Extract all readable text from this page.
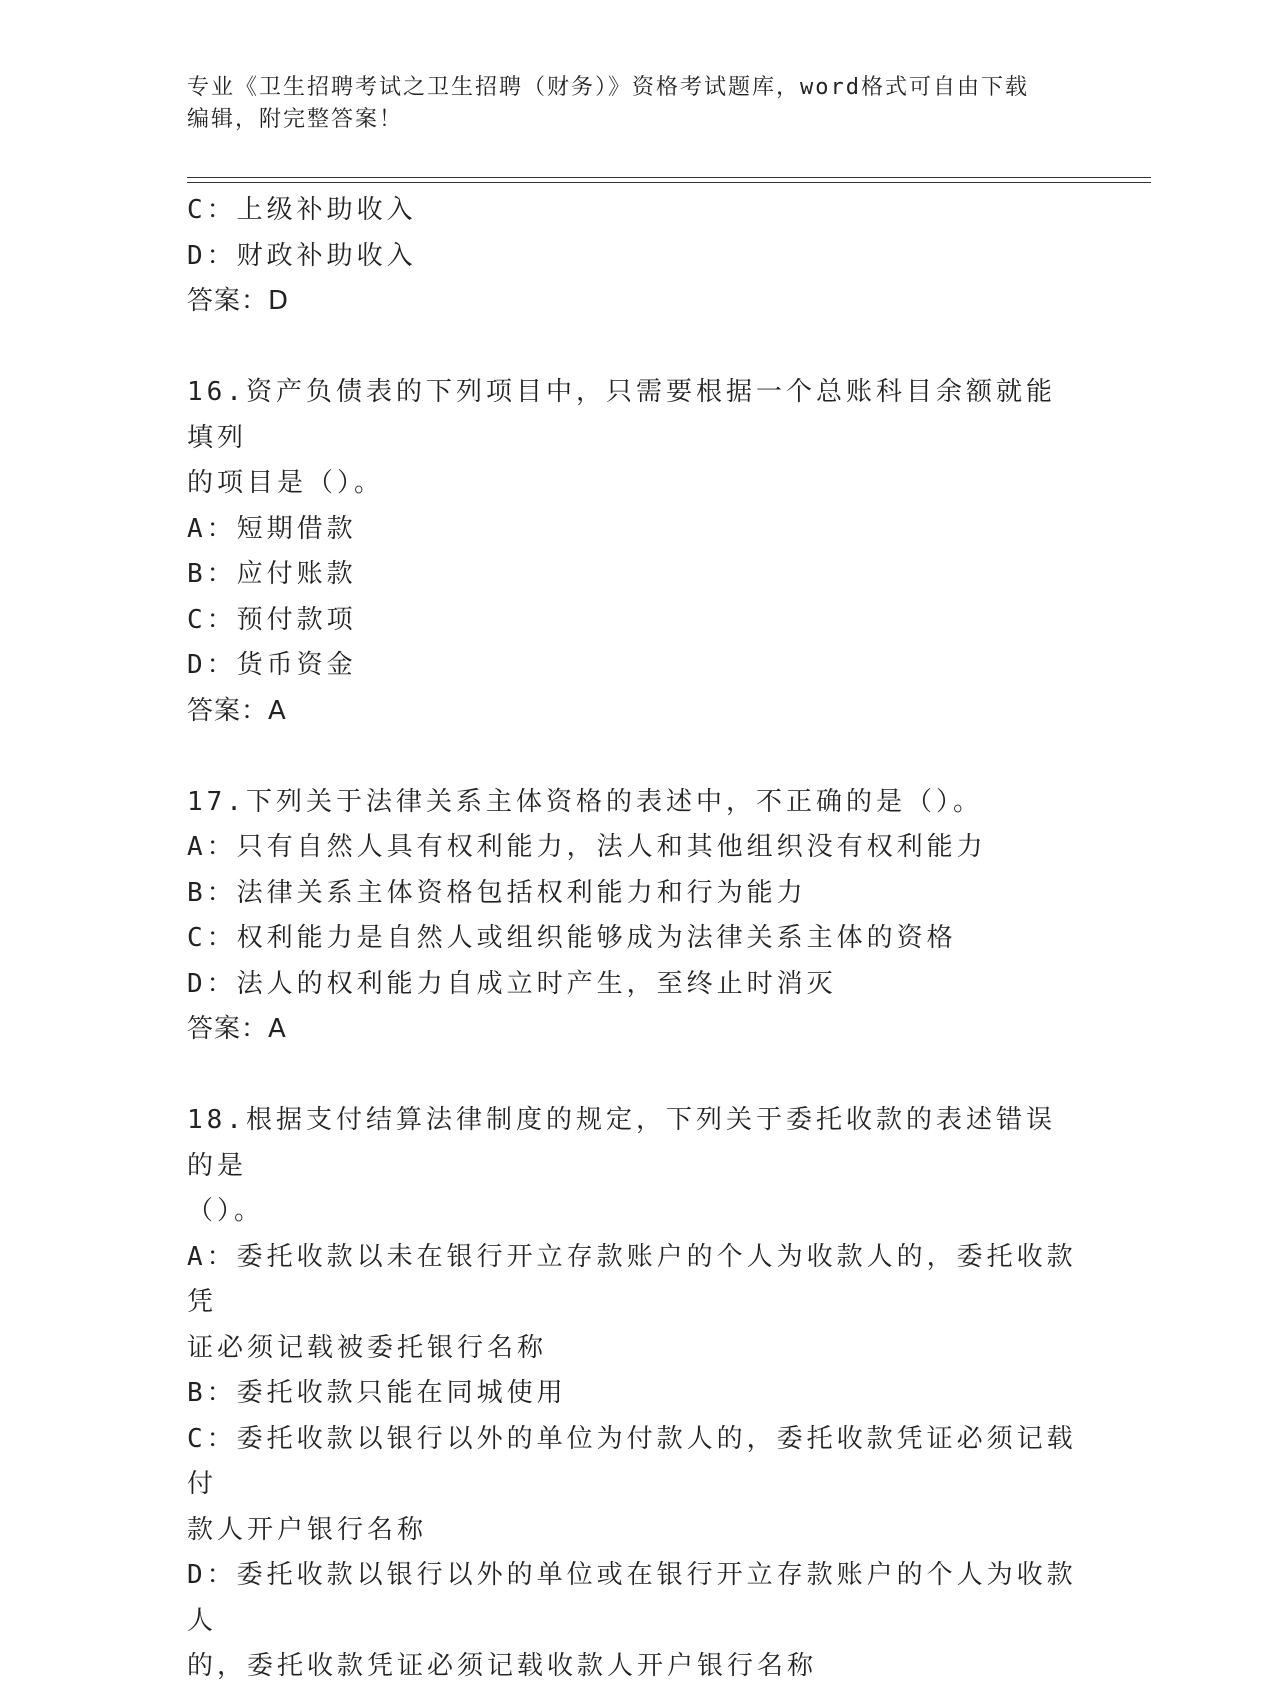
专业《卫生招聘考试之卫生招聘（财务）》资格考试题库，word格式可自由下载
编辑，附完整答案！
C：上级补助收入
D：财政补助收入
答案：D
16.资产负债表的下列项目中，只需要根据一个总账科目余额就能填列
的项目是（）。
A：短期借款
B：应付账款
C：预付款项
D：货币资金
答案：A
17.下列关于法律关系主体资格的表述中，不正确的是（）。
A：只有自然人具有权利能力，法人和其他组织没有权利能力
B：法律关系主体资格包括权利能力和行为能力
C：权利能力是自然人或组织能够成为法律关系主体的资格
D：法人的权利能力自成立时产生，至终止时消灭
答案：A
18.根据支付结算法律制度的规定，下列关于委托收款的表述错误的是
（）。
A：委托收款以未在银行开立存款账户的个人为收款人的，委托收款凭
证必须记载被委托银行名称
B：委托收款只能在同城使用
C：委托收款以银行以外的单位为付款人的，委托收款凭证必须记载付
款人开户银行名称
D：委托收款以银行以外的单位或在银行开立存款账户的个人为收款人
的，委托收款凭证必须记载收款人开户银行名称
